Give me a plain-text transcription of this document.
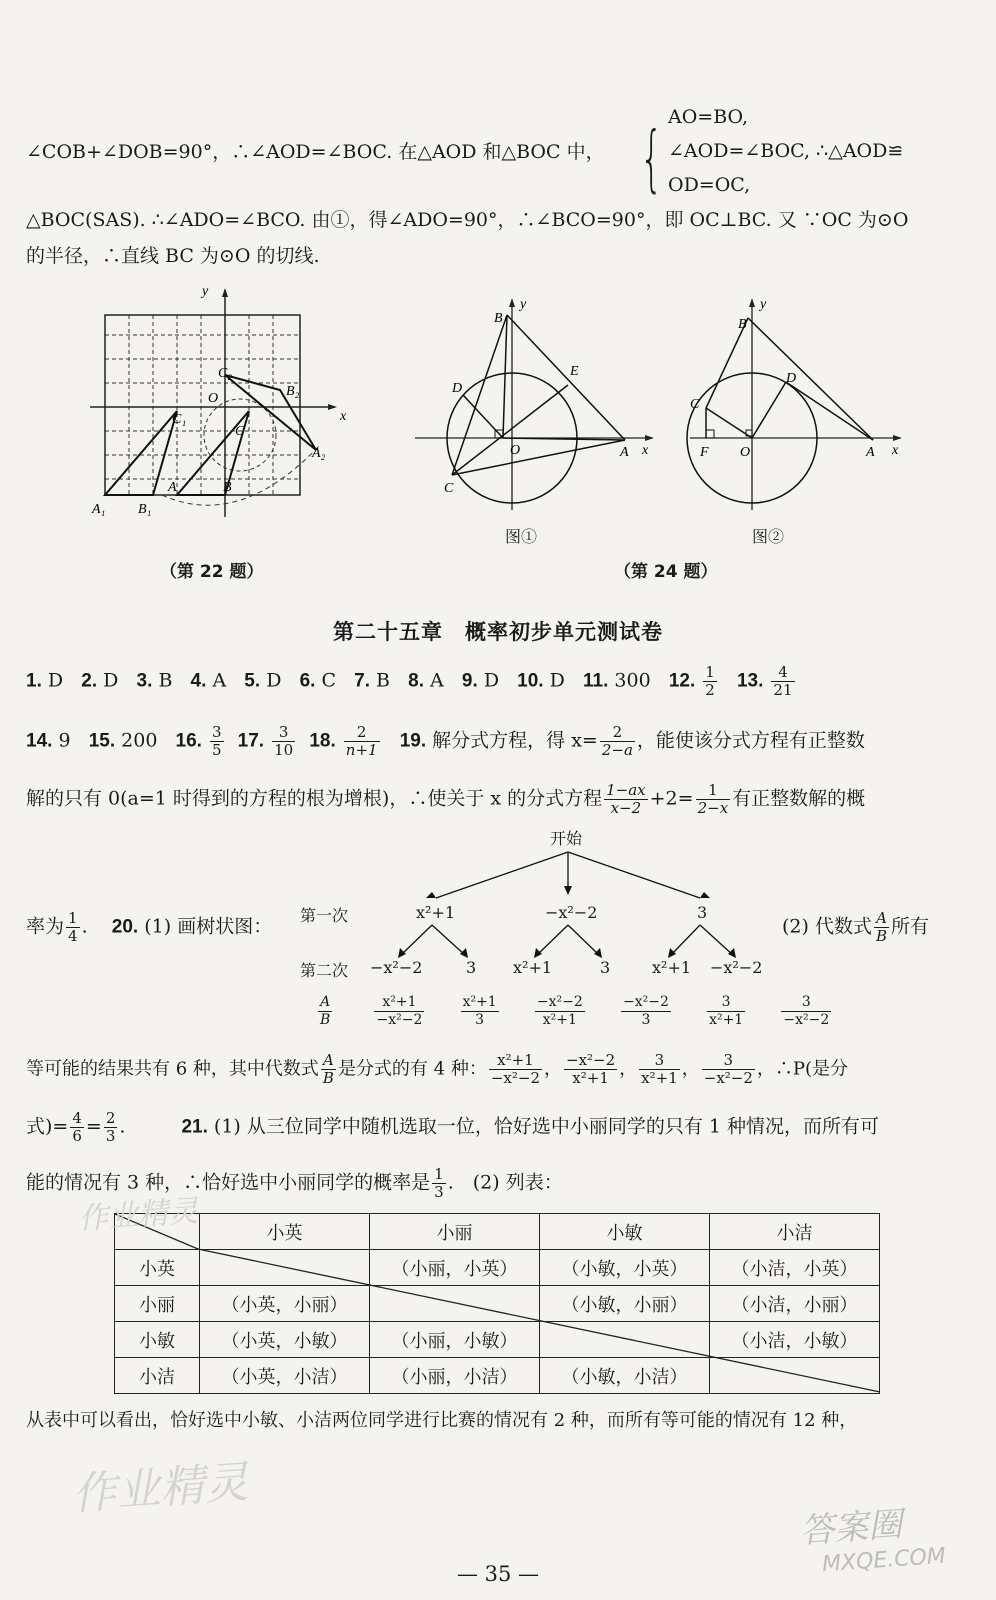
∠COB+∠DOB=90°，∴∠AOD=∠BOC. 在△AOD 和△BOC 中， { AO=BO,
∠AOD=∠BOC, ∴△AOD≌
OD=OC,
△BOC(SAS). ∴∠ADO=∠BCO. 由①，得∠ADO=90°，∴∠BCO=90°，即 OC⊥BC. 又 ∵OC 为⊙O
的半径，∴直线 BC 为⊙O 的切线.
y
x
O
C
C₂
B₂
C₁
A₂
A₁ B₁
A	B
（第 22 题）
y
B
E
D
O	A x
C
图①
y
B
D
C
F O	A x
图②
（第 24 题）
第二十五章　概率初步单元测试卷
1. D 2. D 3. B 4. A 5. D 6. C 7. B 8. A 9. D 10. D 11. 300 12. $\frac{1}{2} 13$. $\frac{4}{21}$
14. 9 15. 200 16. $\frac{3}{5} 17$. $\frac{3}{10} 18$. $\frac{2}{n+1} 19$. 解分式方程，得 $x= \frac{2}{2-a}$ ，能使该分式方程有正整数
解的只有 0(a=1 时得到的方程的根为增根)，∴使关于 x 的分式方程 $\frac{1-ax}{x-2} +2= \frac{1}{2-x}$ 有正整数解的概
率为 $\frac{1}{4}$ . 20. (1) 画树状图：	(2) 代数式 $\frac{A}{B}$ 所有
开始
第一次	x²+1	−x²−2	3
第二次 −x²−2	3 x²+1	3	x²+1 −x²−2
$\frac{A}{B}$
	$\frac{\text{x²+1}}{\text{−x²−2}}$
	$\frac{\text{x²+1}}{3}$
	$\frac{\text{−x²−2}}{\text{x²+1}}$
	$\frac{\text{−x²−2}}{3}$
	$\frac{3}{\text{x²+1}}$
	$\frac{3}{\text{−x²−2}}$
等可能的结果共有 6 种，其中代数式 $\frac{A}{B}$ 是分式的有 4 种： $\frac{\text{x²+1}}{\text{−x²−2}}$ ， $\frac{\text{−x²−2}}{\text{x²+1}}$ ， $\frac{3}{\text{x²+1}}$ ， $\frac{3}{\text{−x²−2}}$ ，∴P(是分
式)= $\frac{4}{6} = \frac{2}{3}$ .	21. (1) 从三位同学中随机选取一位，恰好选中小丽同学的只有 1 种情况，而所有可
能的情况有 3 种，∴恰好选中小丽同学的概率是 $\frac{1}{3}$ .　(2) 列表：
	小英	小丽	小敏	小洁
小英		（小丽，小英）	（小敏，小英）	（小洁，小英）
小丽	（小英，小丽）		（小敏，小丽）	（小洁，小丽）
小敏	（小英，小敏）	（小丽，小敏）		（小洁，小敏）
小洁	（小英，小洁）	（小丽，小洁）	（小敏，小洁）	
从表中可以看出，恰好选中小敏、小洁两位同学进行比赛的情况有 2 种，而所有等可能的情况有 12 种，
作业精灵
作业精灵
答案圈
MXQE.COM
— 35 —
